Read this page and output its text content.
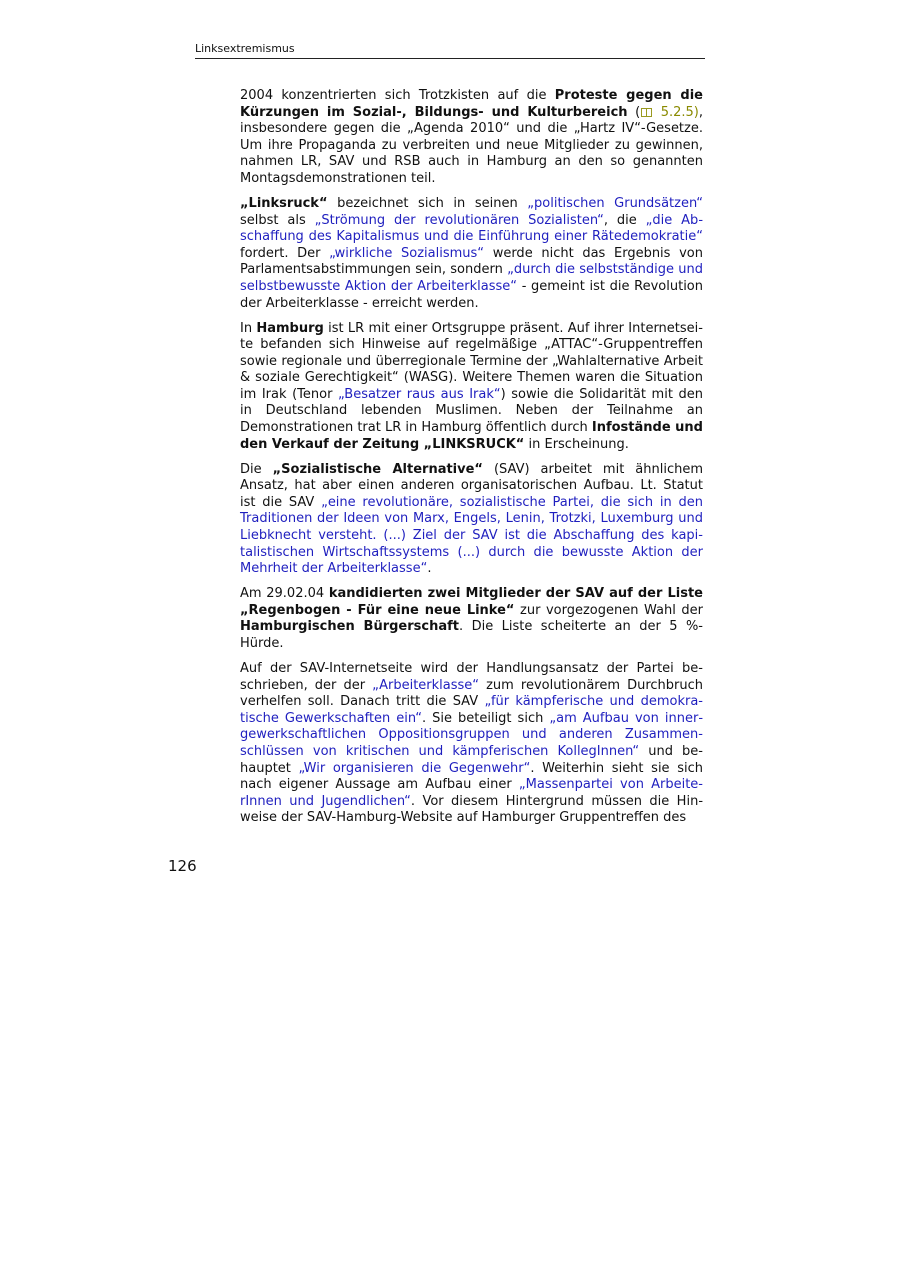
Linksextremismus

2004 konzentrierten sich Trotzkisten auf die Proteste gegen die Kürzungen im Sozial-, Bildungs- und Kulturbereich ( 5.2.5), insbesondere gegen die „Agenda 2010“ und die „Hartz IV“-Gesetze. Um ihre Propaganda zu verbreiten und neue Mitglieder zu gewinnen, nahmen LR, SAV und RSB auch in Hamburg an den so genannten Montagsdemonstrationen teil.

„Linksruck“ bezeichnet sich in seinen „politischen Grundsätzen“ selbst als „Strömung der revolutionären Sozialisten“, die „die Abschaffung des Kapitalismus und die Einführung einer Rätedemokratie“ fordert. Der „wirkliche Sozialismus“ werde nicht das Ergebnis von Parlamentsabstimmungen sein, sondern „durch die selbstständige und selbstbewusste Aktion der Arbeiterklasse“ - gemeint ist die Revolution der Arbeiterklasse - erreicht werden.

In Hamburg ist LR mit einer Ortsgruppe präsent. Auf ihrer Internetseite befanden sich Hinweise auf regelmäßige „ATTAC“-Gruppentreffen sowie regionale und überregionale Termine der „Wahlalternative Arbeit & soziale Gerechtigkeit“ (WASG). Weitere Themen waren die Situation im Irak (Tenor „Besatzer raus aus Irak“) sowie die Solidarität mit den in Deutschland lebenden Muslimen. Neben der Teilnahme an Demonstrationen trat LR in Hamburg öffentlich durch Infostände und den Verkauf der Zeitung „LINKSRUCK“ in Erscheinung.

Die „Sozialistische Alternative“ (SAV) arbeitet mit ähnlichem Ansatz, hat aber einen anderen organisatorischen Aufbau. Lt. Statut ist die SAV „eine revolutionäre, sozialistische Partei, die sich in den Traditionen der Ideen von Marx, Engels, Lenin, Trotzki, Luxemburg und Liebknecht versteht. (...) Ziel der SAV ist die Abschaffung des kapitalistischen Wirtschaftssystems (...) durch die bewusste Aktion der Mehrheit der Arbeiterklasse“.

Am 29.02.04 kandidierten zwei Mitglieder der SAV auf der Liste „Regenbogen - Für eine neue Linke“ zur vorgezogenen Wahl der Hamburgischen Bürgerschaft. Die Liste scheiterte an der 5 %-Hürde.

Auf der SAV-Internetseite wird der Handlungsansatz der Partei beschrieben, der der „Arbeiterklasse“ zum revolutionärem Durchbruch verhelfen soll. Danach tritt die SAV „für kämpferische und demokratische Gewerkschaften ein“. Sie beteiligt sich „am Aufbau von innergewerkschaftlichen Oppositionsgruppen und anderen Zusammenschlüssen von kritischen und kämpferischen KollegInnen“ und behauptet „Wir organisieren die Gegenwehr“. Weiterhin sieht sie sich nach eigener Aussage am Aufbau einer „Massenpartei von ArbeiterInnen und Jugendlichen“. Vor diesem Hintergrund müssen die Hinweise der SAV-Hamburg-Website auf Hamburger Gruppentreffen des

126
